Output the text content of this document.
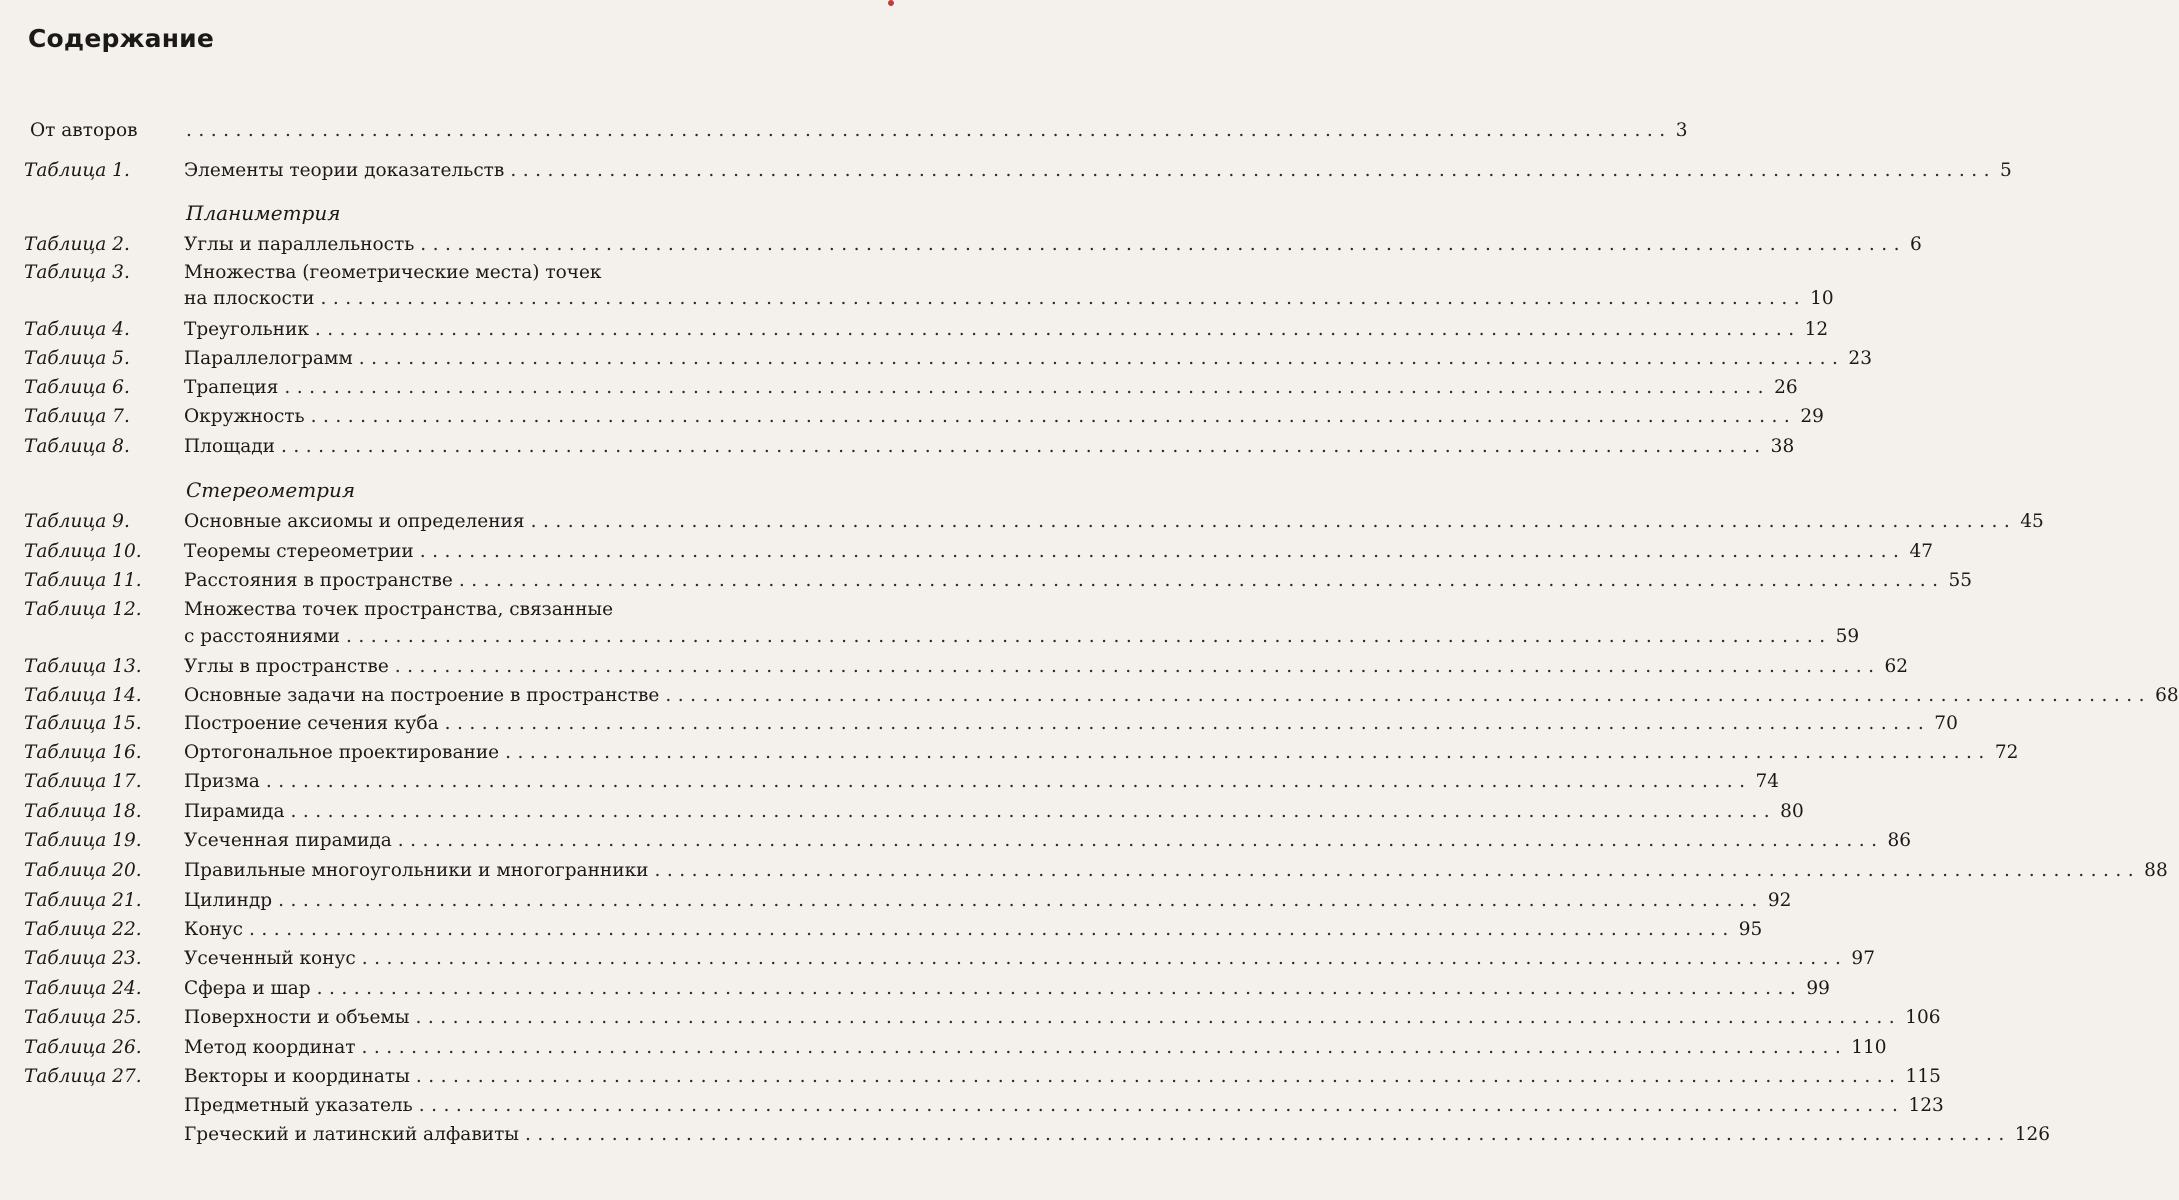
Содержание
Планиметрия
Стереометрия
От авторов	........................................................................................................................ 3
Таблица 1.	Элементы теории доказательств ........................................................................................................................ 5
Таблица 2.	Углы и параллельность ........................................................................................................................ 6
Таблица 3.	Множества (геометрические места) точек
на плоскости ........................................................................................................................ 10
Таблица 4.	Треугольник ........................................................................................................................ 12
Таблица 5.	Параллелограмм ........................................................................................................................ 23
Таблица 6.	Трапеция ........................................................................................................................ 26
Таблица 7.	Окружность ........................................................................................................................ 29
Таблица 8.	Площади ........................................................................................................................ 38
Таблица 9.	Основные аксиомы и определения ........................................................................................................................ 45
Таблица 10. Теоремы стереометрии ........................................................................................................................ 47
Таблица 11. Расстояния в пространстве ........................................................................................................................ 55
Таблица 12. Множества точек пространства, связанные
с расстояниями ........................................................................................................................ 59
Таблица 13. Углы в пространстве ........................................................................................................................ 62
Таблица 14. Основные задачи на построение в пространстве ........................................................................................................................ 68
Таблица 15. Построение сечения куба ........................................................................................................................ 70
Таблица 16. Ортогональное проектирование ........................................................................................................................ 72
Таблица 17. Призма ........................................................................................................................ 74
Таблица 18. Пирамида ........................................................................................................................ 80
Таблица 19. Усеченная пирамида ........................................................................................................................ 86
Таблица 20. Правильные многоугольники и многогранники ........................................................................................................................ 88
Таблица 21. Цилиндр ........................................................................................................................ 92
Таблица 22. Конус ........................................................................................................................ 95
Таблица 23. Усеченный конус ........................................................................................................................ 97
Таблица 24. Сфера и шар ........................................................................................................................ 99
Таблица 25. Поверхности и объемы ........................................................................................................................ 106
Таблица 26. Метод координат ........................................................................................................................ 110
Таблица 27. Векторы и координаты ........................................................................................................................ 115
Предметный указатель ........................................................................................................................ 123
Греческий и латинский алфавиты ........................................................................................................................ 126
